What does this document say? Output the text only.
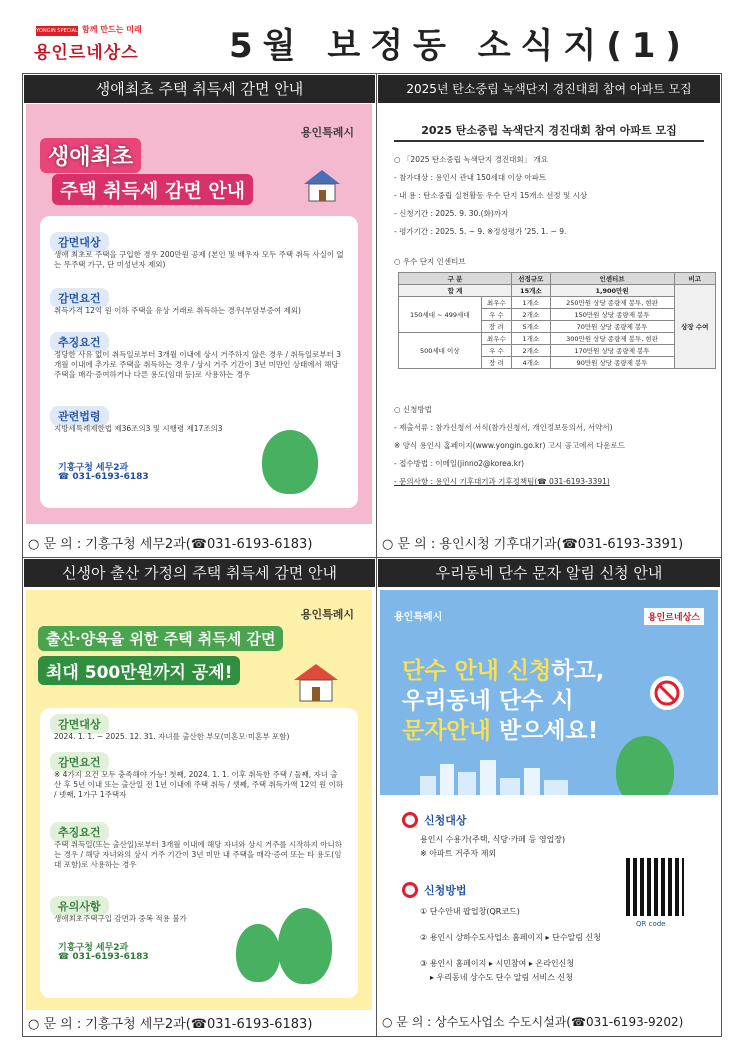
YONGIN SPECIAL CITY
함께 만드는 미래
용인르네상스	5월 보정동 소식지(1)
생애최초 주택 취득세 감면 안내	2025년 탄소중립 녹색단지 경진대회 참여 아파트 모집
신생아 출산 가정의 주택 취득세 감면 안내	우리동네 단수 문자 알림 신청 안내
용인특례시
생애최초
주택 취득세 감면 안내
감면대상
생애 최초로 주택을 구입한 경우 200만원 공제 (본인 및 배우자 모두 주택 취득 사실이 없는 무주택 가구, 단 미성년자 제외)
감면요건
취득가격 12억 원 이하 주택을 유상 거래로 취득하는 경우(부담부증여 제외)
추징요건
정당한 사유 없이 취득일로부터 3개월 이내에 상시 거주하지 않은 경우 / 취득일로부터 3개월 이내에 추가로 주택을 취득하는 경우 / 상시 거주 기간이 3년 미만인 상태에서 해당 주택을 매각·증여하거나 다른 용도(임대 등)로 사용하는 경우
관련법령
지방세특례제한법 제36조의3 및 시행령 제17조의3
기흥구청 세무2과
☎ 031-6193-6183
2025 탄소중립 녹색단지 경진대회 참여 아파트 모집
○ 「2025 탄소중립 녹색단지 경진대회」 개요
- 참가대상 : 용인시 관내 150세대 이상 아파트
- 내 용 : 탄소중립 실천활동 우수 단지 15개소 선정 및 시상
- 신청기간 : 2025. 9. 30.(화)까지
- 평가기간 : 2025. 5. ~ 9. ※정성평가 '25. 1. ~ 9.
○ 우수 단지 인센티브
구 분		선정규모	인센티브	비고
합 계		15개소	1,900만원	상장 수여
150세대 ~ 499세대	최우수	1개소	250만원 상당 종량제 봉투, 현판	
	우 수	2개소	150만원 상당 종량제 봉투	
	장 려	5개소	70만원 상당 종량제 봉투	
500세대 이상	최우수	1개소	300만원 상당 종량제 봉투, 현판	
	우 수	2개소	170만원 상당 종량제 봉투	
	장 려	4개소	90만원 상당 종량제 봉투	
○ 신청방법
- 제출서류 : 참가신청서 서식(참가신청서, 개인정보동의서, 서약서)
※ 양식 용인시 홈페이지(www.yongin.go.kr) 고시 공고에서 다운로드
- 접수방법 : 이메일(jinno2@korea.kr)
- 문의사항 : 용인시 기후대기과 기후정책팀(☎ 031-6193-3391)
용인특례시
출산·양육을 위한 주택 취득세 감면
최대 500만원까지 공제!
감면대상
2024. 1. 1. ~ 2025. 12. 31. 자녀를 출산한 부모(미혼모·미혼부 포함)
감면요건
※ 4가지 요건 모두 충족해야 가능! 첫째, 2024. 1. 1. 이후 취득한 주택 / 둘째, 자녀 출산 후 5년 이내 또는 출산일 전 1년 이내에 주택 취득 / 셋째, 주택 취득가액 12억 원 이하 / 넷째, 1가구 1주택자
추징요건
주택 취득일(또는 출산일)로부터 3개월 이내에 해당 자녀와 상시 거주를 시작하지 아니하는 경우 / 해당 자녀와의 상시 거주 기간이 3년 미만 내 주택을 매각·증여 또는 타 용도(임대 포함)로 사용하는 경우
유의사항
생애최초주택구입 감면과 중복 적용 불가
기흥구청 세무2과
☎ 031-6193-6183
용인특례시	용인르네상스
단수 안내 신청하고,
우리동네 단수 시
문자안내 받으세요!
신청대상
용인시 수용가(주택, 식당·카페 등 영업장)
※ 아파트 거주자 제외
신청방법
① 단수안내 팝업창(QR코드)
② 용인시 상하수도사업소 홈페이지 ▸ 단수알림 신청
③ 용인시 홈페이지 ▸ 시민참여 ▸ 온라인신청
▸ 우리동네 상수도 단수 알림 서비스 신청
QR code
○ 문 의 : 기흥구청 세무2과(☎031-6193-6183)	○ 문 의 : 용인시청 기후대기과(☎031-6193-3391)
○ 문 의 : 기흥구청 세무2과(☎031-6193-6183)	○ 문 의 : 상수도사업소 수도시설과(☎031-6193-9202)
